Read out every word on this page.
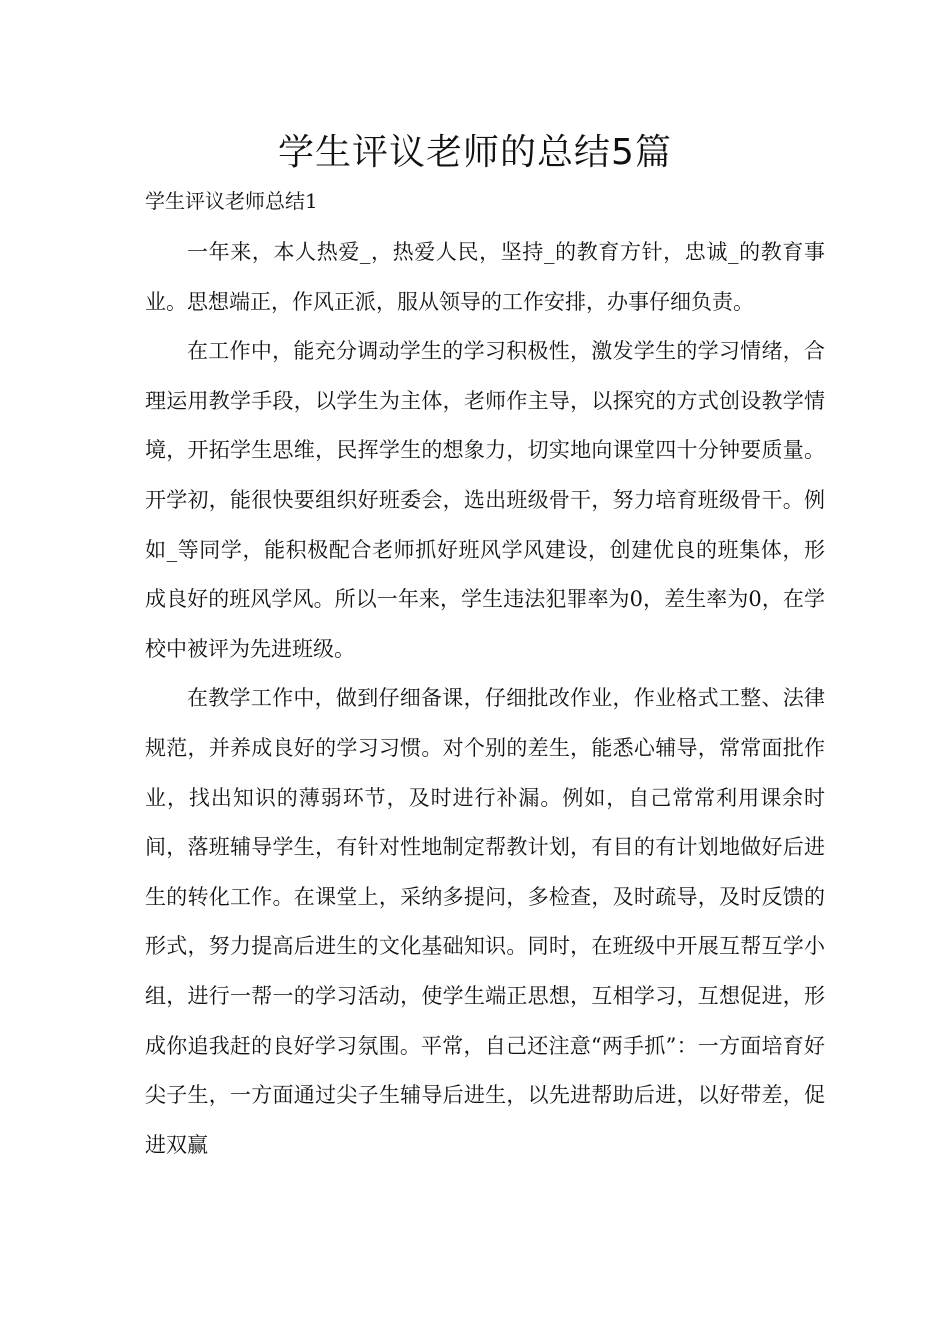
学生评议老师的总结5篇
学生评议老师总结1

一年来，本人热爱_，热爱人民，坚持_的教育方针，忠诚_的教育事业。思想端正，作风正派，服从领导的工作安排，办事仔细负责。

在工作中，能充分调动学生的学习积极性，激发学生的学习情绪，合理运用教学手段，以学生为主体，老师作主导，以探究的方式创设教学情境，开拓学生思维，民挥学生的想象力，切实地向课堂四十分钟要质量。开学初，能很快要组织好班委会，选出班级骨干，努力培育班级骨干。例如_等同学，能积极配合老师抓好班风学风建设，创建优良的班集体，形成良好的班风学风。所以一年来，学生违法犯罪率为0，差生率为0，在学校中被评为先进班级。

在教学工作中，做到仔细备课，仔细批改作业，作业格式工整、法律规范，并养成良好的学习习惯。对个别的差生，能悉心辅导，常常面批作业，找出知识的薄弱环节，及时进行补漏。例如，自己常常利用课余时间，落班辅导学生，有针对性地制定帮教计划，有目的有计划地做好后进生的转化工作。在课堂上，采纳多提问，多检查，及时疏导，及时反馈的形式，努力提高后进生的文化基础知识。同时，在班级中开展互帮互学小组，进行一帮一的学习活动，使学生端正思想，互相学习，互想促进，形成你追我赶的良好学习氛围。平常，自己还注意“两手抓”：一方面培育好尖子生，一方面通过尖子生辅导后进生，以先进帮助后进，以好带差，促进双赢
